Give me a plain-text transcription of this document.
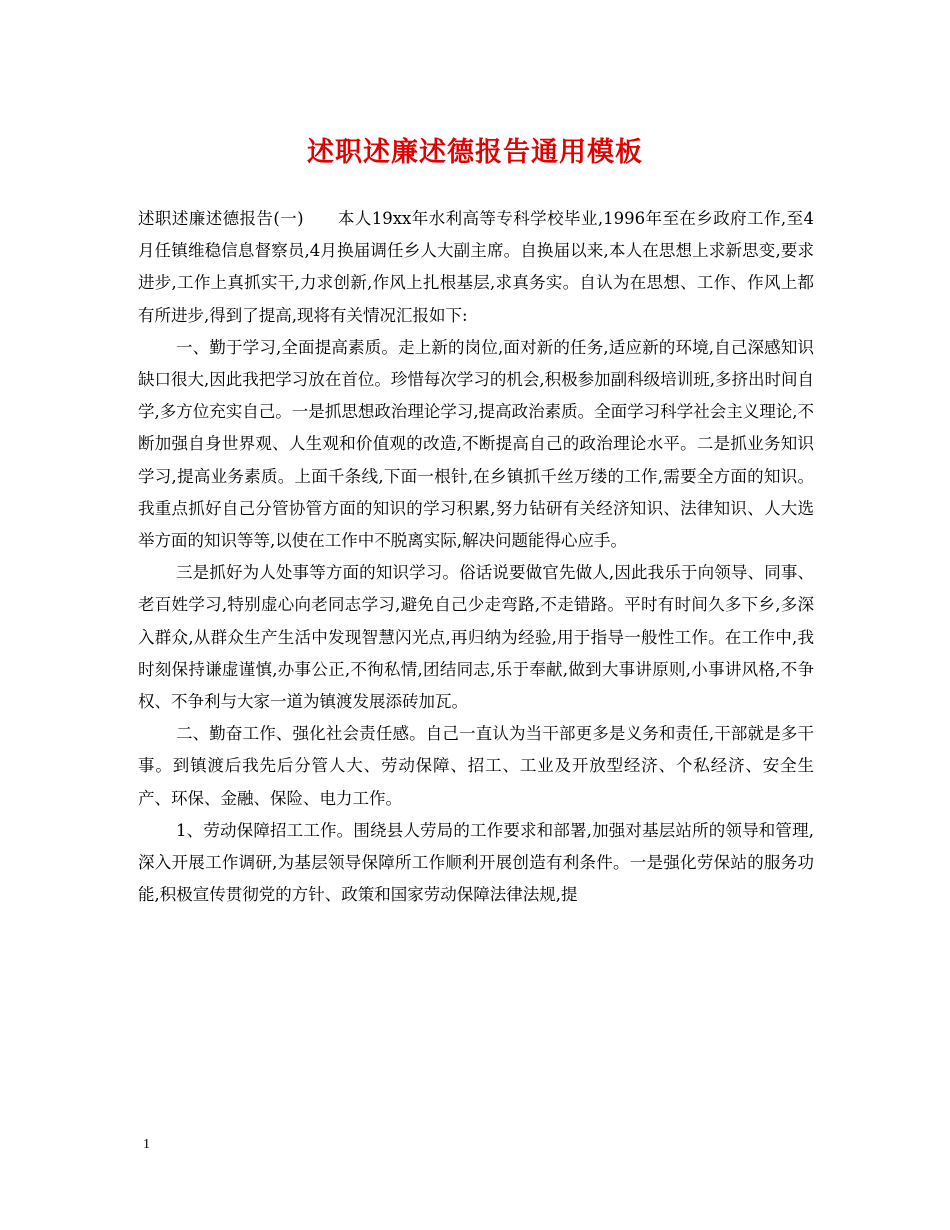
述职述廉述德报告通用模板

述职述廉述德报告(一)　　本人19xx年水利高等专科学校毕业,1996年至在乡政府工作,至4月任镇维稳信息督察员,4月换届调任乡人大副主席。自换届以来,本人在思想上求新思变,要求进步,工作上真抓实干,力求创新,作风上扎根基层,求真务实。自认为在思想、工作、作风上都有所进步,得到了提高,现将有关情况汇报如下:

一、勤于学习,全面提高素质。走上新的岗位,面对新的任务,适应新的环境,自己深感知识缺口很大,因此我把学习放在首位。珍惜每次学习的机会,积极参加副科级培训班,多挤出时间自学,多方位充实自己。一是抓思想政治理论学习,提高政治素质。全面学习科学社会主义理论,不断加强自身世界观、人生观和价值观的改造,不断提高自己的政治理论水平。二是抓业务知识学习,提高业务素质。上面千条线,下面一根针,在乡镇抓千丝万缕的工作,需要全方面的知识。我重点抓好自己分管协管方面的知识的学习积累,努力钻研有关经济知识、法律知识、人大选举方面的知识等等,以使在工作中不脱离实际,解决问题能得心应手。

三是抓好为人处事等方面的知识学习。俗话说要做官先做人,因此我乐于向领导、同事、老百姓学习,特别虚心向老同志学习,避免自己少走弯路,不走错路。平时有时间久多下乡,多深入群众,从群众生产生活中发现智慧闪光点,再归纳为经验,用于指导一般性工作。在工作中,我时刻保持谦虚谨慎,办事公正,不徇私情,团结同志,乐于奉献,做到大事讲原则,小事讲风格,不争权、不争利与大家一道为镇渡发展添砖加瓦。

二、勤奋工作、强化社会责任感。自己一直认为当干部更多是义务和责任,干部就是多干事。到镇渡后我先后分管人大、劳动保障、招工、工业及开放型经济、个私经济、安全生产、环保、金融、保险、电力工作。

1、劳动保障招工工作。围绕县人劳局的工作要求和部署,加强对基层站所的领导和管理,深入开展工作调研,为基层领导保障所工作顺利开展创造有利条件。一是强化劳保站的服务功能,积极宣传贯彻党的方针、政策和国家劳动保障法律法规,提

1
